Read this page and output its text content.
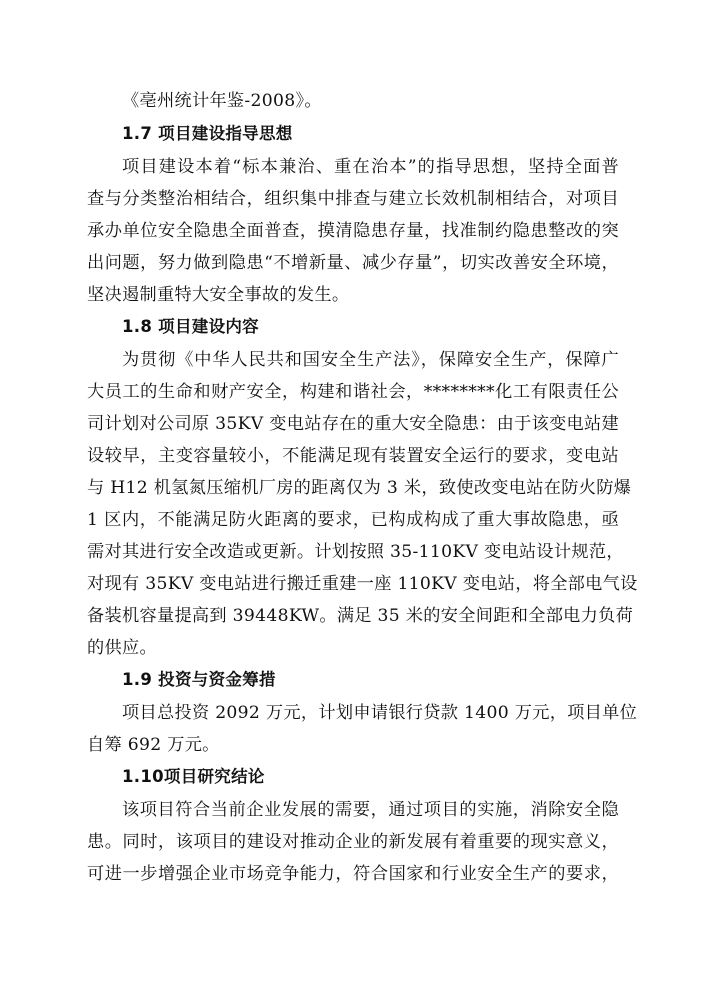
《亳州统计年鉴-2008》。
1.7 项目建设指导思想
项目建设本着“标本兼治、重在治本”的指导思想，坚持全面普
查与分类整治相结合，组织集中排查与建立长效机制相结合，对项目
承办单位安全隐患全面普查，摸清隐患存量，找准制约隐患整改的突
出问题，努力做到隐患“不增新量、减少存量”，切实改善安全环境，
坚决遏制重特大安全事故的发生。
1.8 项目建设内容
为贯彻《中华人民共和国安全生产法》，保障安全生产，保障广
大员工的生命和财产安全，构建和谐社会，********化工有限责任公
司计划对公司原 35KV 变电站存在的重大安全隐患：由于该变电站建
设较早，主变容量较小，不能满足现有装置安全运行的要求，变电站
与 H12 机氢氮压缩机厂房的距离仅为 3 米，致使改变电站在防火防爆
1 区内，不能满足防火距离的要求，已构成构成了重大事故隐患，亟
需对其进行安全改造或更新。计划按照 35-110KV 变电站设计规范，
对现有 35KV 变电站进行搬迁重建一座 110KV 变电站，将全部电气设
备装机容量提高到 39448KW。满足 35 米的安全间距和全部电力负荷
的供应。
1.9 投资与资金筹措
项目总投资 2092 万元，计划申请银行贷款 1400 万元，项目单位
自筹 692 万元。
1.10项目研究结论
该项目符合当前企业发展的需要，通过项目的实施，消除安全隐
患。同时，该项目的建设对推动企业的新发展有着重要的现实意义，
可进一步增强企业市场竞争能力，符合国家和行业安全生产的要求，
